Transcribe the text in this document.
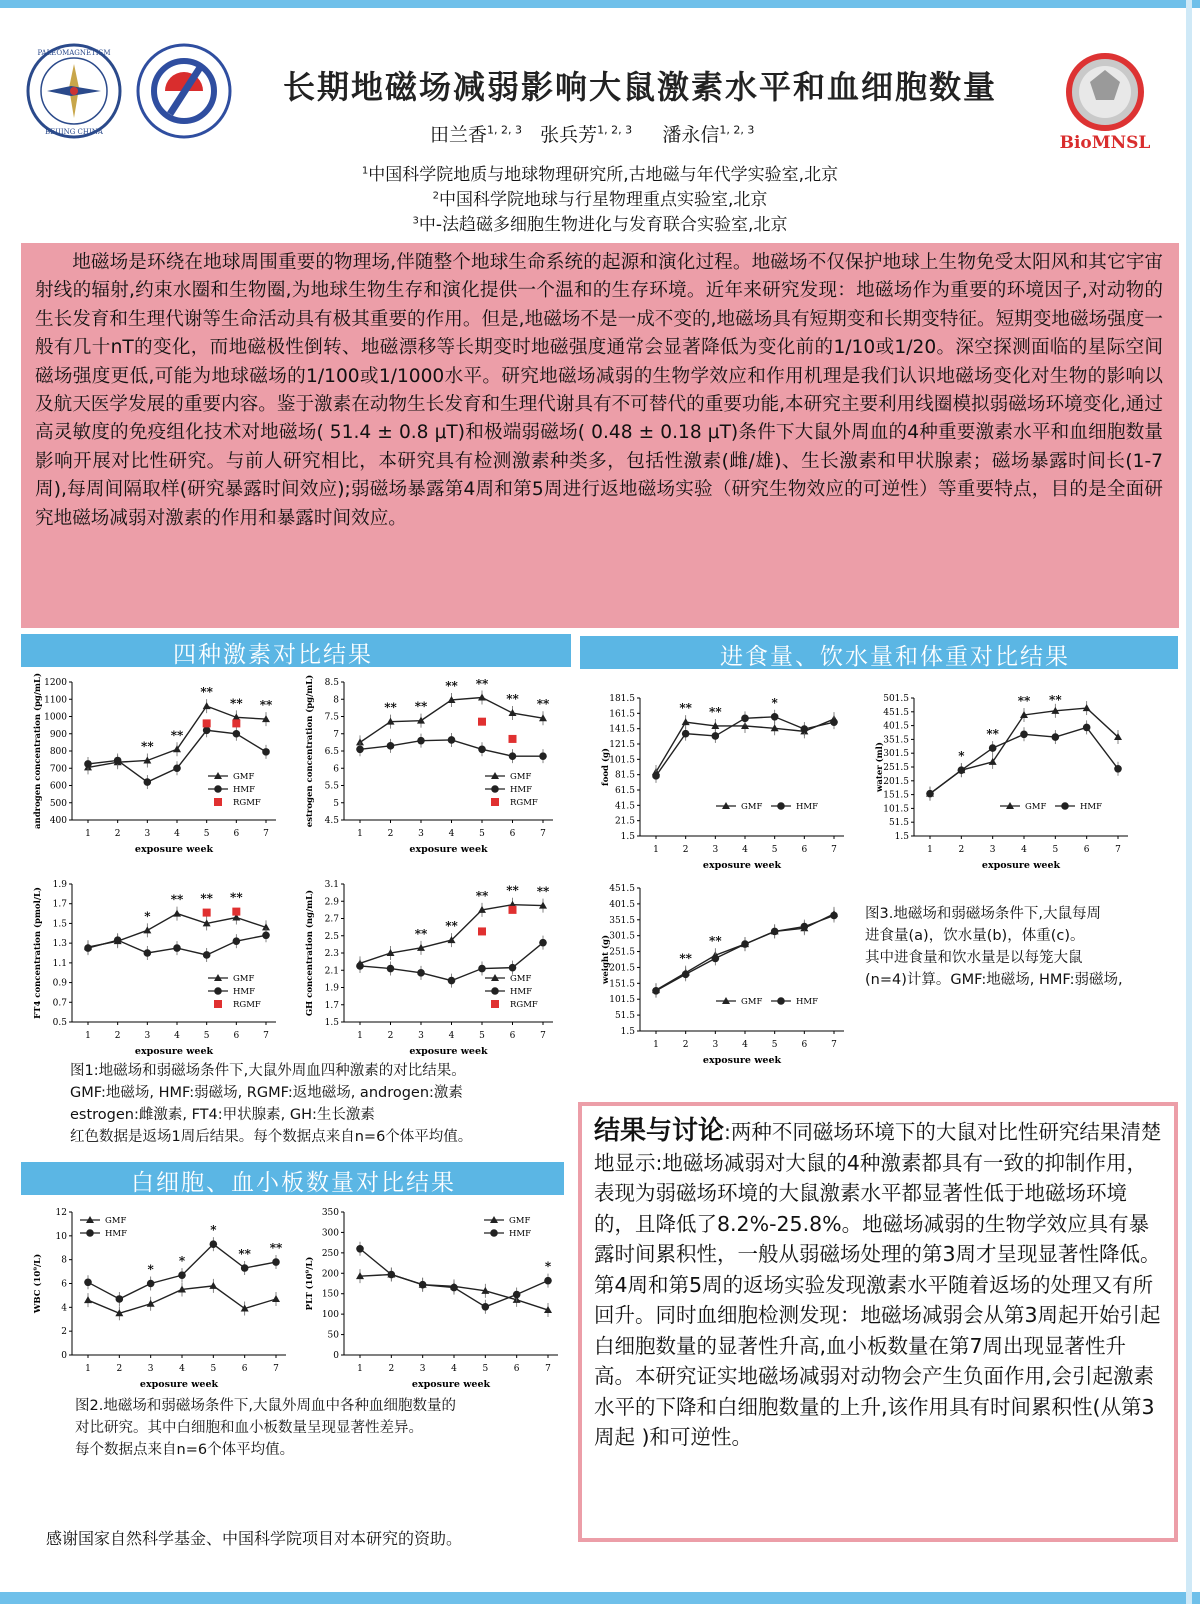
PALEOMAGNETISM
BEIJING CHINA
BioMNSL
长期地磁场减弱影响大鼠激素水平和血细胞数量
田兰香$^{1, 2, 3}$ 张兵芳$^{1, 2, 3}$ 潘永信$^{1, 2, 3}$
$^1$中国科学院地质与地球物理研究所,古地磁与年代学实验室,北京
$^2$中国科学院地球与行星物理重点实验室,北京
$^3$中-法趋磁多细胞生物进化与发育联合实验室,北京
地磁场是环绕在地球周围重要的物理场,伴随整个地球生命系统的起源和演化过程。地磁场不仅保护地球上生物免受太阳风和其它宇宙射线的辐射,约束水圈和生物圈,为地球生物生存和演化提供一个温和的生存环境。近年来研究发现：地磁场作为重要的环境因子,对动物的生长发育和生理代谢等生命活动具有极其重要的作用。但是,地磁场不是一成不变的,地磁场具有短期变和长期变特征。短期变地磁场强度一般有几十nT的变化，而地磁极性倒转、地磁漂移等长期变时地磁强度通常会显著降低为变化前的1/10或1/20。深空探测面临的星际空间磁场强度更低,可能为地球磁场的1/100或1/1000水平。研究地磁场减弱的生物学效应和作用机理是我们认识地磁场变化对生物的影响以及航天医学发展的重要内容。鉴于激素在动物生长发育和生理代谢具有不可替代的重要功能,本研究主要利用线圈模拟弱磁场环境变化,通过高灵敏度的免疫组化技术对地磁场( 51.4 ± 0.8 μT)和极端弱磁场( 0.48 ± 0.18 μT)条件下大鼠外周血的4种重要激素水平和血细胞数量影响开展对比性研究。与前人研究相比，本研究具有检测激素种类多，包括性激素(雌/雄)、生长激素和甲状腺素；磁场暴露时间长(1-7周),每周间隔取样(研究暴露时间效应);弱磁场暴露第4周和第5周进行返地磁场实验（研究生物效应的可逆性）等重要特点，目的是全面研究地磁场减弱对激素的作用和暴露时间效应。
四种激素对比结果	进食量、饮水量和体重对比结果
白细胞、血小板数量对比结果
400
500
600
700
800
900
1000
1100
1200
1	2	3	4	5	6	7
exposure week
androgen concentration (pg/mL)	**
**
**
** **
GMF
HMF
RGMF
4.5
5
5.5
6
6.5
7
7.5
8
8.5
1	2	3	4	5	6	7
exposure week
estrogen concentration (pg/mL)	** **
** **
** **
GMF
HMF
RGMF
0.5
0.7
0.9
1.1
1.3
1.5
1.7
1.9
1	2	3	4	5	6	7
exposure week
FT4 concentration (pmol/L)	*
** ** **
GMF
HMF
RGMF
1.5
1.7
1.9
2.1
2.3
2.5
2.7
2.9
3.1
1	2	3	4	5	6	7
exposure week
GH concentration (ng/mL)	**
**
** ** **
GMF
HMF
RGMF
0
2
4
6
8
10
12
1	2	3	4	5	6	7
exposure week
WBC (10⁹/L)	*
*
*
** **
GMF
HMF
0
50
100
150
200
250
300
350
1	2	3	4	5	6	7
exposure week
PLT (10⁹/L)	*
GMF
HMF
1.5
21.5
41.5
61.5
81.5
101.5
121.5
141.5
161.5
181.5
1	2	3	4	5	6	7
exposure week
food (g)
** **
*
GMF	HMF
1.5
51.5
101.5
151.5
201.5
251.5
301.5
351.5
401.5
451.5
501.5
1	2	3	4	5	6	7
exposure week
water (ml)	*
**
** **
GMF	HMF
1.5
51.5
101.5
151.5
201.5
251.5
301.5
351.5
401.5
451.5
1	2	3	4	5	6	7
exposure week
weight (g)	**
**
GMF	HMF
图1:地磁场和弱磁场条件下,大鼠外周血四种激素的对比结果。
GMF:地磁场, HMF:弱磁场, RGMF:返地磁场, androgen:激素
estrogen:雌激素, FT4:甲状腺素, GH:生长激素
红色数据是返场1周后结果。每个数据点来自n=6个体平均值。
图2.地磁场和弱磁场条件下,大鼠外周血中各种血细胞数量的
对比研究。其中白细胞和血小板数量呈现显著性差异。
每个数据点来自n=6个体平均值。
图3.地磁场和弱磁场条件下,大鼠每周
进食量(a)，饮水量(b)，体重(c)。
其中进食量和饮水量是以每笼大鼠
(n=4)计算。GMF:地磁场, HMF:弱磁场,
结果与讨论:两种不同磁场环境下的大鼠对比性研究结果清楚地显示:地磁场减弱对大鼠的4种激素都具有一致的抑制作用，表现为弱磁场环境的大鼠激素水平都显著性低于地磁场环境的，且降低了8.2%-25.8%。地磁场减弱的生物学效应具有暴露时间累积性，一般从弱磁场处理的第3周才呈现显著性降低。第4周和第5周的返场实验发现激素水平随着返场的处理又有所回升。同时血细胞检测发现：地磁场减弱会从第3周起开始引起白细胞数量的显著性升高,血小板数量在第7周出现显著性升高。本研究证实地磁场减弱对动物会产生负面作用,会引起激素水平的下降和白细胞数量的上升,该作用具有时间累积性(从第3周起 )和可逆性。
感谢国家自然科学基金、中国科学院项目对本研究的资助。
